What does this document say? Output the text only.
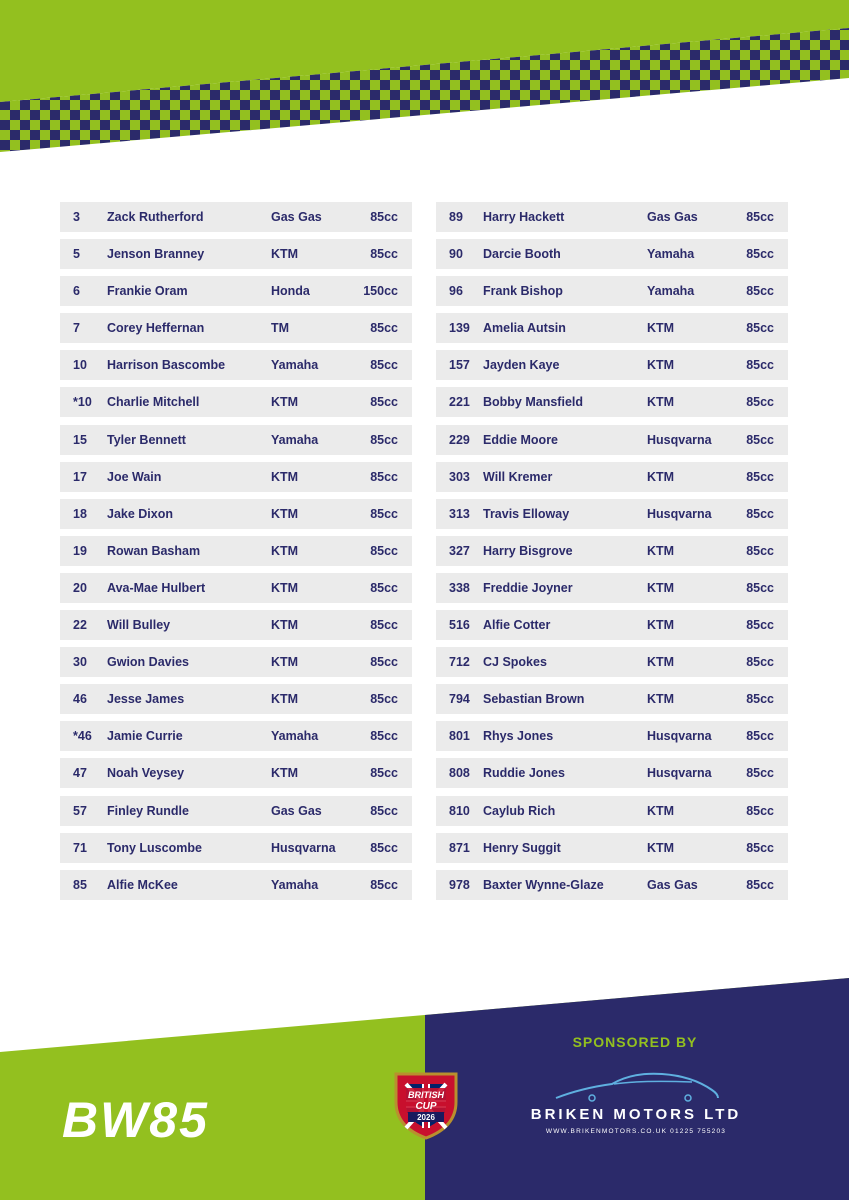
3 Zack Rutherford	Gas Gas	85cc
5 Jenson Branney	KTM	85cc
6 Frankie Oram	Honda	150cc
7 Corey Heffernan	TM	85cc
10 Harrison Bascombe	Yamaha	85cc
*10 Charlie Mitchell	KTM	85cc
15 Tyler Bennett	Yamaha	85cc
17 Joe Wain	KTM	85cc
18 Jake Dixon	KTM	85cc
19 Rowan Basham	KTM	85cc
20 Ava-Mae Hulbert	KTM	85cc
22 Will Bulley	KTM	85cc
30 Gwion Davies	KTM	85cc
46 Jesse James	KTM	85cc
*46 Jamie Currie	Yamaha	85cc
47 Noah Veysey	KTM	85cc
57 Finley Rundle	Gas Gas	85cc
71 Tony Luscombe	Husqvarna	85cc
85 Alfie McKee	Yamaha	85cc
89 Harry Hackett	Gas Gas	85cc
90 Darcie Booth	Yamaha	85cc
96 Frank Bishop	Yamaha	85cc
139 Amelia Autsin	KTM	85cc
157 Jayden Kaye	KTM	85cc
221 Bobby Mansfield	KTM	85cc
229 Eddie Moore	Husqvarna	85cc
303 Will Kremer	KTM	85cc
313 Travis Elloway	Husqvarna	85cc
327 Harry Bisgrove	KTM	85cc
338 Freddie Joyner	KTM	85cc
516 Alfie Cotter	KTM	85cc
712 CJ Spokes	KTM	85cc
794 Sebastian Brown	KTM	85cc
801 Rhys Jones	Husqvarna	85cc
808 Ruddie Jones	Husqvarna	85cc
810 Caylub Rich	KTM	85cc
871 Henry Suggit	KTM	85cc
978 Baxter Wynne-Glaze	Gas Gas	85cc
BW85	BRITISH
CUP
2026
SPONSORED BY
BRIKEN MOTORS LTD
WWW.BRIKENMOTORS.CO.UK 01225 755203
